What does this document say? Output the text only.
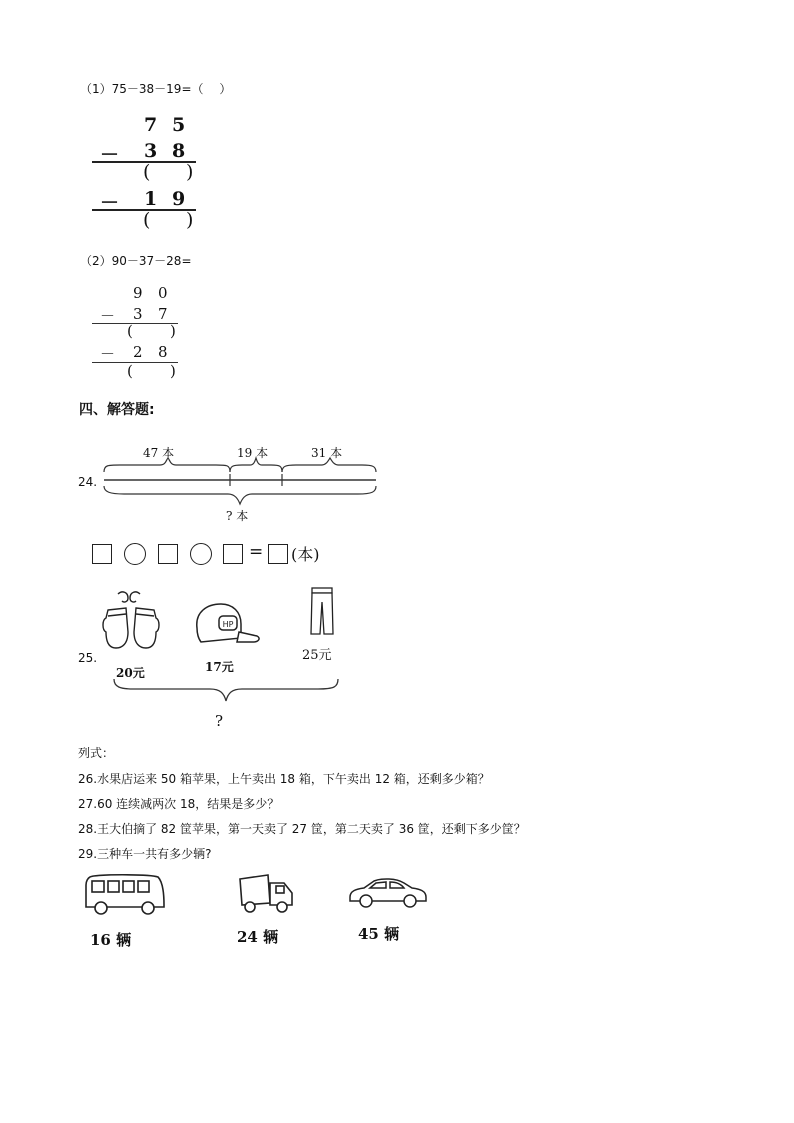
（1）75－38－19=（　 ）
7 5
－ 3 8
( )
－ 1 9
( )
（2）90－37－28=
9 0
－ 3 7
( )
－ 2 8
( )
四、解答题:
24.
47 本	19 本	31 本
? 本
= (本)
25.
20元
HP
17元
25元
?
列式：
26.水果店运来 50 箱苹果，上午卖出 18 箱，下午卖出 12 箱，还剩多少箱？
27.60 连续减两次 18，结果是多少？
28.王大伯摘了 82 筐苹果，第一天卖了 27 筐，第二天卖了 36 筐，还剩下多少筐？
29.三种车一共有多少辆?
16 辆	24 辆	45 辆
